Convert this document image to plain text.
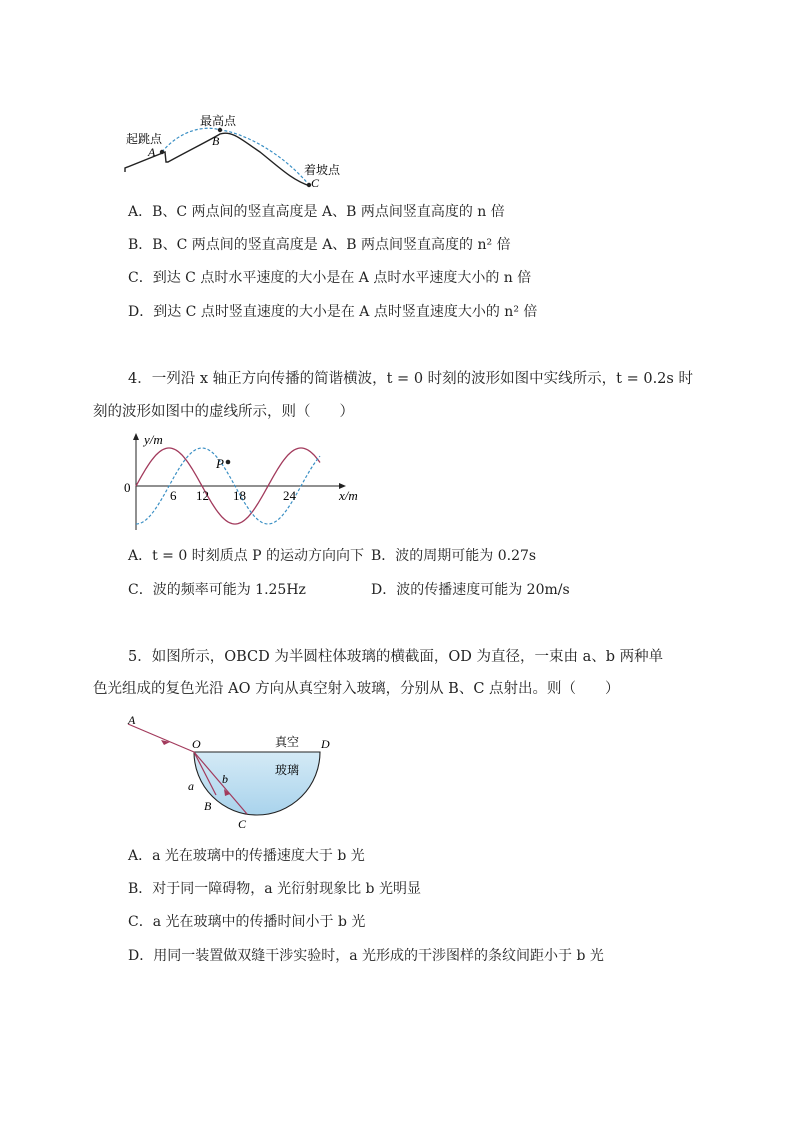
最高点
起跳点
着坡点
A
B
C
A．B、C 两点间的竖直高度是 A、B 两点间竖直高度的 n 倍
B．B、C 两点间的竖直高度是 A、B 两点间竖直高度的 n² 倍
C．到达 C 点时水平速度的大小是在 A 点时水平速度大小的 n 倍
D．到达 C 点时竖直速度的大小是在 A 点时竖直速度大小的 n² 倍
4．一列沿 x 轴正方向传播的简谐横波，t = 0 时刻的波形如图中实线所示，t = 0.2s 时
刻的波形如图中的虚线所示，则（　　）
P
y/m
x/m
0
6 12 18	24
A．t = 0 时刻质点 P 的运动方向向下 B．波的周期可能为 0.27s
C．波的频率可能为 1.25Hz	D．波的传播速度可能为 20m/s
5．如图所示，OBCD 为半圆柱体玻璃的横截面，OD 为直径，一束由 a、b 两种单
色光组成的复色光沿 AO 方向从真空射入玻璃，分别从 B、C 点射出。则（　　）
A
O	D
真空
玻璃
a b
B
C
A．a 光在玻璃中的传播速度大于 b 光
B．对于同一障碍物，a 光衍射现象比 b 光明显
C．a 光在玻璃中的传播时间小于 b 光
D．用同一装置做双缝干涉实验时，a 光形成的干涉图样的条纹间距小于 b 光
